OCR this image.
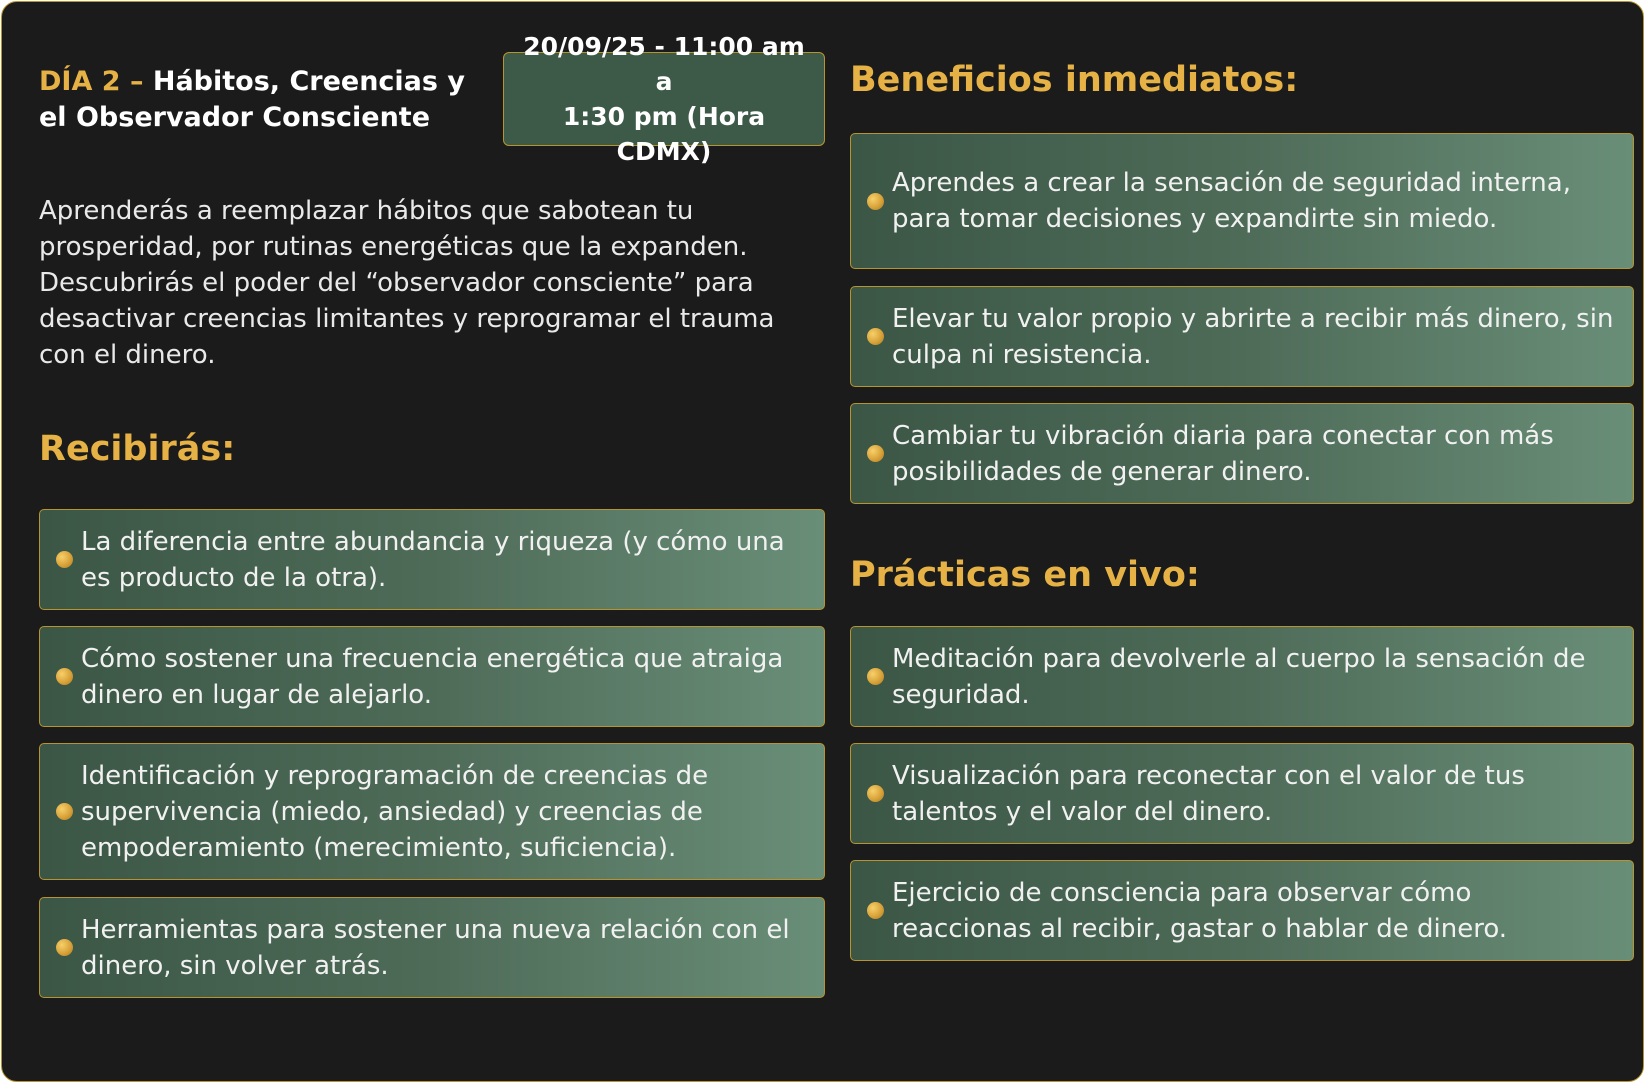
DÍA 2 – Hábitos, Creencias y el Observador Consciente
20/09/25 - 11:00 am a
1:30 pm (Hora CDMX)

Aprenderás a reemplazar hábitos que sabotean tu prosperidad, por rutinas energéticas que la expanden. Descubrirás el poder del “observador consciente” para desactivar creencias limitantes y reprogramar el trauma con el dinero.

Recibirás:
La diferencia entre abundancia y riqueza (y cómo una es producto de la otra).
Cómo sostener una frecuencia energética que atraiga dinero en lugar de alejarlo.
Identificación y reprogramación de creencias de supervivencia (miedo, ansiedad) y creencias de empoderamiento (merecimiento, suficiencia).
Herramientas para sostener una nueva relación con el dinero, sin volver atrás.
Beneficios inmediatos:
Aprendes a crear la sensación de seguridad interna, para tomar decisiones y expandirte sin miedo.
Elevar tu valor propio y abrirte a recibir más dinero, sin culpa ni resistencia.
Cambiar tu vibración diaria para conectar con más posibilidades de generar dinero.
Prácticas en vivo:
Meditación para devolverle al cuerpo la sensación de seguridad.
Visualización para reconectar con el valor de tus talentos y el valor del dinero.
Ejercicio de consciencia para observar cómo reaccionas al recibir, gastar o hablar de dinero.
